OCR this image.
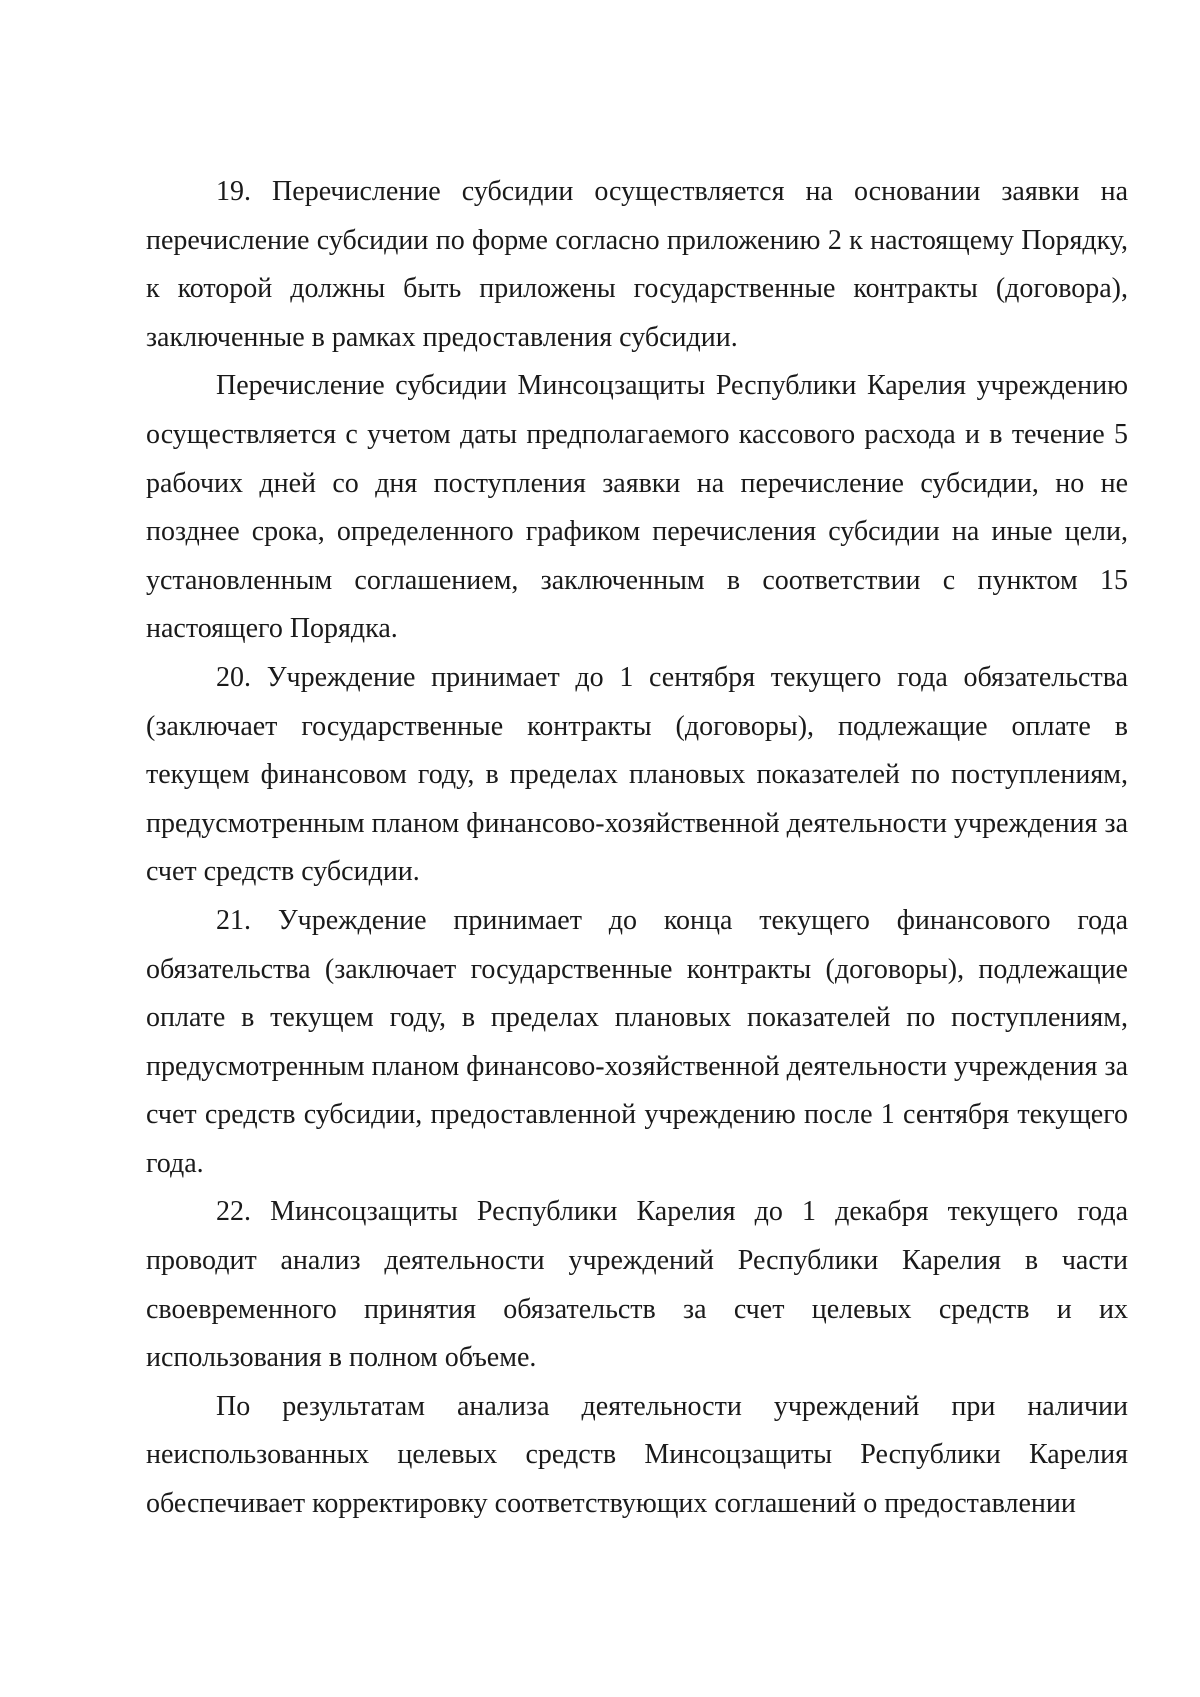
19. Перечисление субсидии осуществляется на основании заявки на перечисление субсидии по форме согласно приложению 2 к настоящему Порядку, к которой должны быть приложены государственные контракты (договора), заключенные в рамках предоставления субсидии.

Перечисление субсидии Минсоцзащиты Республики Карелия учреждению осуществляется с учетом даты предполагаемого кассового расхода и в течение 5 рабочих дней со дня поступления заявки на перечисление субсидии, но не позднее срока, определенного графиком перечисления субсидии на иные цели, установленным соглашением, заключенным в соответствии с пунктом 15 настоящего Порядка.

20. Учреждение принимает до 1 сентября текущего года обязательства (заключает государственные контракты (договоры), подлежащие оплате в текущем финансовом году, в пределах плановых показателей по поступлениям, предусмотренным планом финансово-хозяйственной деятельности учреждения за счет средств субсидии.

21. Учреждение принимает до конца текущего финансового года обязательства (заключает государственные контракты (договоры), подлежащие оплате в текущем году, в пределах плановых показателей по поступлениям, предусмотренным планом финансово-хозяйственной деятельности учреждения за счет средств субсидии, предоставленной учреждению после 1 сентября текущего года.

22. Минсоцзащиты Республики Карелия до 1 декабря текущего года проводит анализ деятельности учреждений Республики Карелия в части своевременного принятия обязательств за счет целевых средств и их использования в полном объеме.

По результатам анализа деятельности учреждений при наличии неиспользованных целевых средств Минсоцзащиты Республики Карелия обеспечивает корректировку соответствующих соглашений о предоставлении
